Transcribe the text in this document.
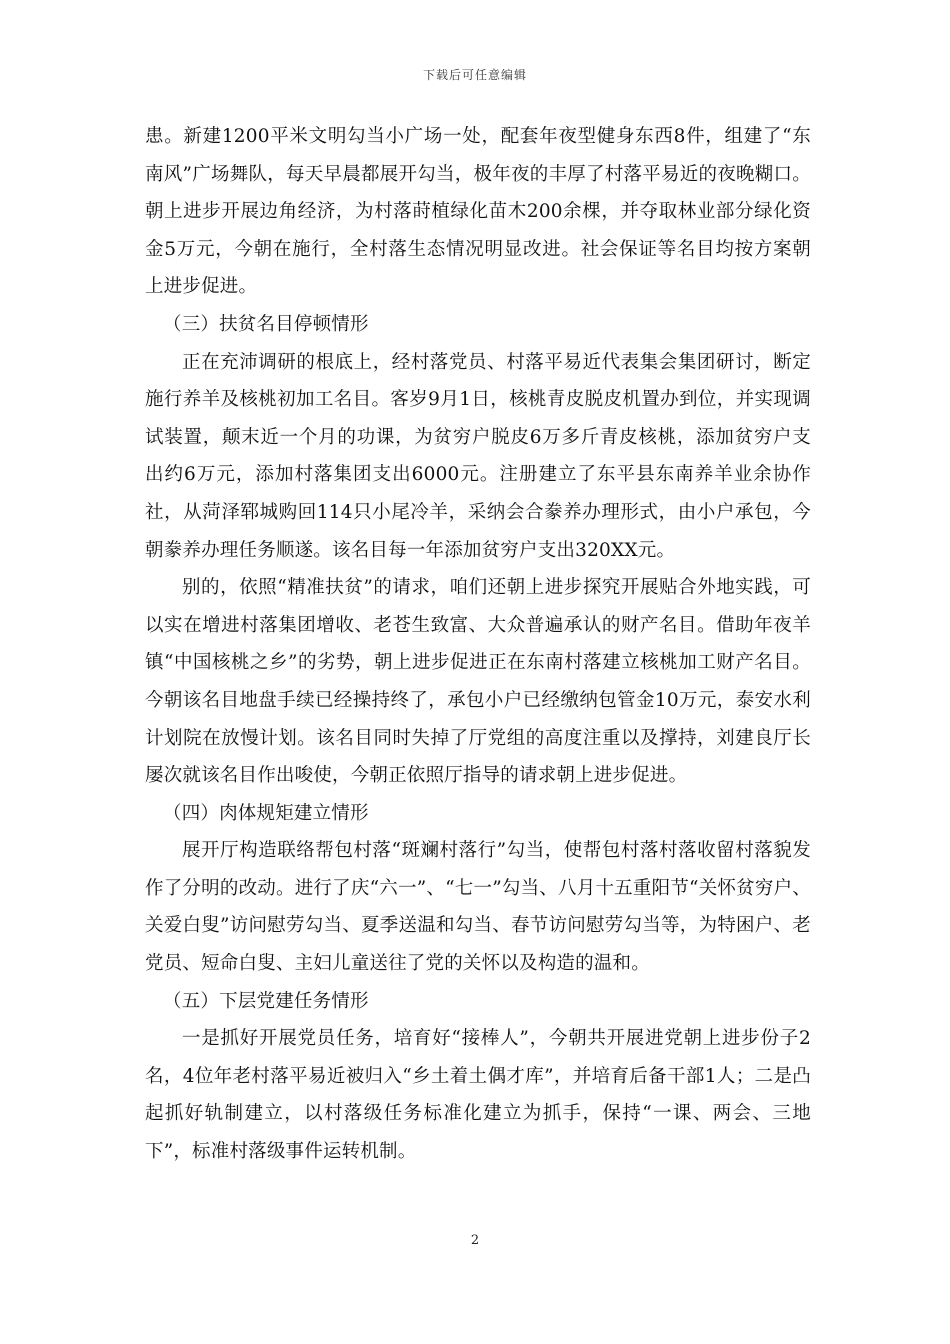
下载后可任意编辑

患。新建1200平米文明勾当小广场一处，配套年夜型健身东西8件，组建了“东南风”广场舞队，每天早晨都展开勾当，极年夜的丰厚了村落平易近的夜晚糊口。朝上进步开展边角经济，为村落莳植绿化苗木200余棵，并夺取林业部分绿化资金5万元，今朝在施行，全村落生态情况明显改进。社会保证等名目均按方案朝上进步促进。

（三）扶贫名目停顿情形

正在充沛调研的根底上，经村落党员、村落平易近代表集会集团研讨，断定施行养羊及核桃初加工名目。客岁9月1日，核桃青皮脱皮机置办到位，并实现调试装置，颠末近一个月的功课，为贫穷户脱皮6万多斤青皮核桃，添加贫穷户支出约6万元，添加村落集团支出6000元。注册建立了东平县东南养羊业余协作社，从菏泽郓城购回114只小尾冷羊，采纳会合豢养办理形式，由小户承包，今朝豢养办理任务顺遂。该名目每一年添加贫穷户支出320XX元。

别的，依照“精准扶贫”的请求，咱们还朝上进步探究开展贴合外地实践，可以实在增进村落集团增收、老苍生致富、大众普遍承认的财产名目。借助年夜羊镇“中国核桃之乡”的劣势，朝上进步促进正在东南村落建立核桃加工财产名目。今朝该名目地盘手续已经操持终了，承包小户已经缴纳包管金10万元，泰安水利计划院在放慢计划。该名目同时失掉了厅党组的高度注重以及撑持，刘建良厅长屡次就该名目作出唆使，今朝正依照厅指导的请求朝上进步促进。

（四）肉体规矩建立情形

展开厅构造联络帮包村落“斑斓村落行”勾当，使帮包村落村落收留村落貌发作了分明的改动。进行了庆“六一”、“七一”勾当、八月十五重阳节“关怀贫穷户、关爱白叟”访问慰劳勾当、夏季送温和勾当、春节访问慰劳勾当等，为特困户、老党员、短命白叟、主妇儿童送往了党的关怀以及构造的温和。

（五）下层党建任务情形

一是抓好开展党员任务，培育好“接棒人”，今朝共开展进党朝上进步份子2名，4位年老村落平易近被归入“乡土着土偶才库”，并培育后备干部1人；二是凸起抓好轨制建立，以村落级任务标准化建立为抓手，保持“一课、两会、三地下”，标准村落级事件运转机制。

2
